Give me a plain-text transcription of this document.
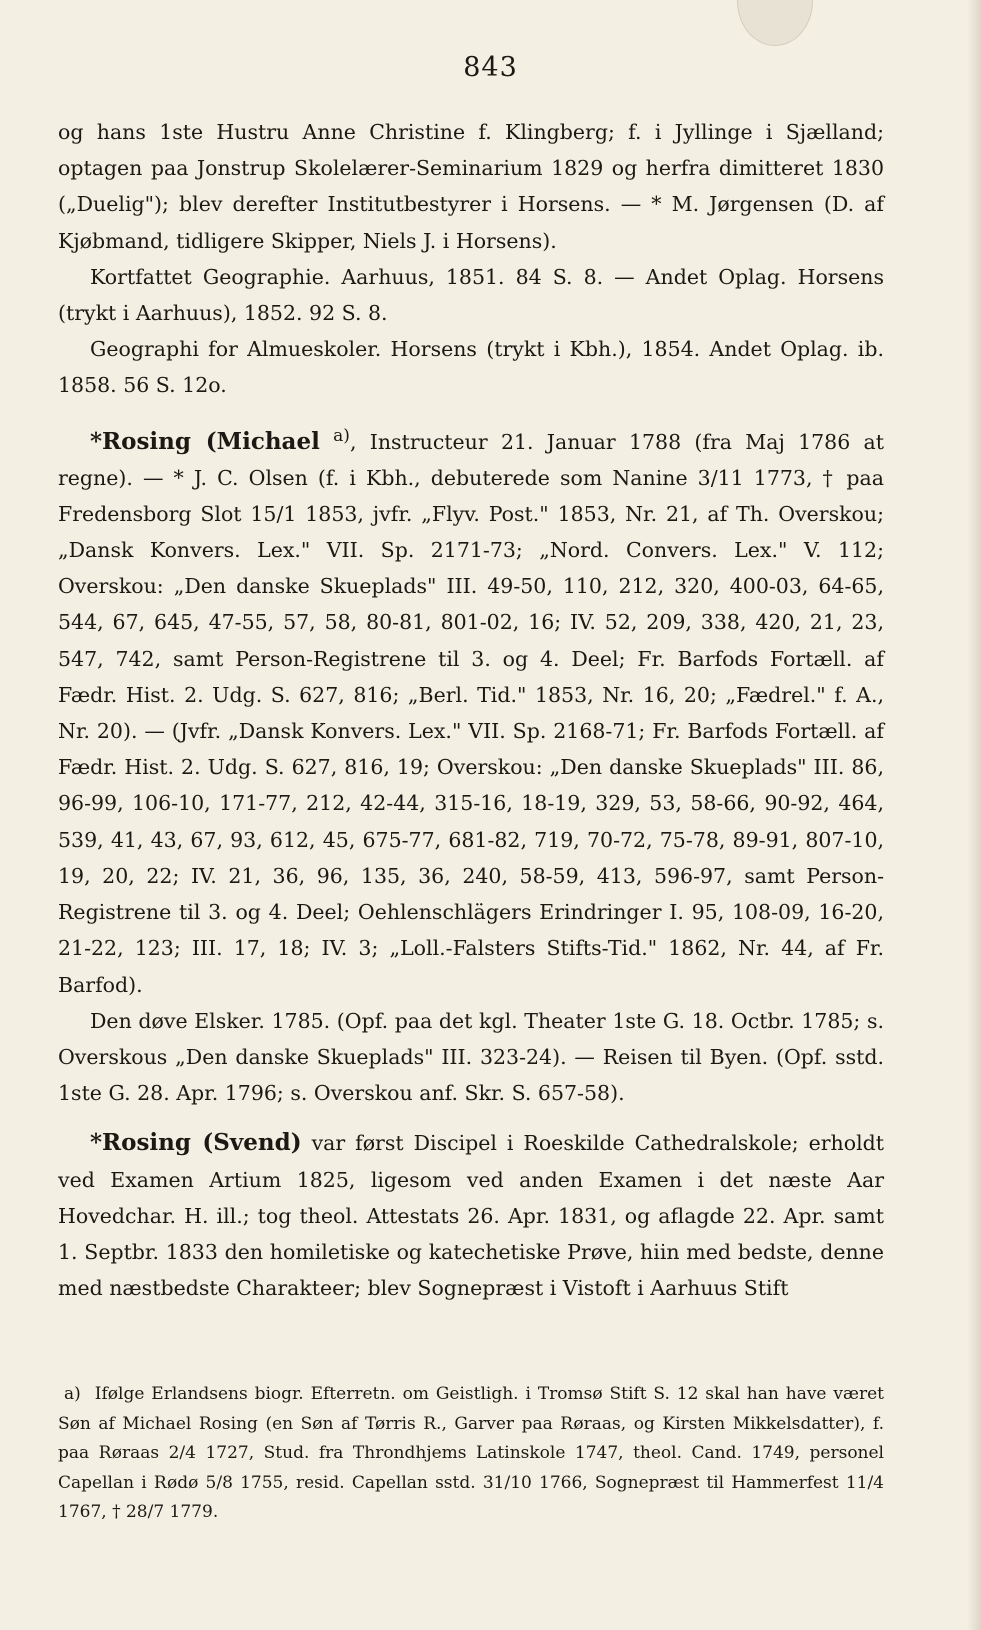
843

og hans 1ste Hustru Anne Christine f. Klingberg; f. i Jyllinge i Sjælland; optagen paa Jonstrup Skolelærer-Seminarium 1829 og herfra dimitteret 1830 („Duelig"); blev derefter Institutbestyrer i Horsens. — * M. Jørgensen (D. af Kjøbmand, tidligere Skipper, Niels J. i Horsens).

Kortfattet Geographie. Aarhuus, 1851. 84 S. 8. — Andet Oplag. Horsens (trykt i Aarhuus), 1852. 92 S. 8.

Geographi for Almueskoler. Horsens (trykt i Kbh.), 1854. Andet Oplag. ib. 1858. 56 S. 12o.

*Rosing (Michael $^{a)}$, Instructeur 21. Januar 1788 (fra Maj 1786 at regne). — * J. C. Olsen (f. i Kbh., debuterede som Nanine 3/11 1773, † paa Fredensborg Slot 15/1 1853, jvfr. „Flyv. Post." 1853, Nr. 21, af Th. Overskou; „Dansk Konvers. Lex." VII. Sp. 2171-73; „Nord. Convers. Lex." V. 112; Overskou: „Den danske Skueplads" III. 49-50, 110, 212, 320, 400-03, 64-65, 544, 67, 645, 47-55, 57, 58, 80-81, 801-02, 16; IV. 52, 209, 338, 420, 21, 23, 547, 742, samt Person-Registrene til 3. og 4. Deel; Fr. Barfods Fortæll. af Fædr. Hist. 2. Udg. S. 627, 816; „Berl. Tid." 1853, Nr. 16, 20; „Fædrel." f. A., Nr. 20). — (Jvfr. „Dansk Konvers. Lex." VII. Sp. 2168-71; Fr. Barfods Fortæll. af Fædr. Hist. 2. Udg. S. 627, 816, 19; Overskou: „Den danske Skueplads" III. 86, 96-99, 106-10, 171-77, 212, 42-44, 315-16, 18-19, 329, 53, 58-66, 90-92, 464, 539, 41, 43, 67, 93, 612, 45, 675-77, 681-82, 719, 70-72, 75-78, 89-91, 807-10, 19, 20, 22; IV. 21, 36, 96, 135, 36, 240, 58-59, 413, 596-97, samt Person-Registrene til 3. og 4. Deel; Oehlenschlägers Erindringer I. 95, 108-09, 16-20, 21-22, 123; III. 17, 18; IV. 3; „Loll.-Falsters Stifts-Tid." 1862, Nr. 44, af Fr. Barfod).

Den døve Elsker. 1785. (Opf. paa det kgl. Theater 1ste G. 18. Octbr. 1785; s. Overskous „Den danske Skueplads" III. 323-24). — Reisen til Byen. (Opf. sstd. 1ste G. 28. Apr. 1796; s. Overskou anf. Skr. S. 657-58).

*Rosing (Svend) var først Discipel i Roeskilde Cathedralskole; erholdt ved Examen Artium 1825, ligesom ved anden Examen i det næste Aar Hovedchar. H. ill.; tog theol. Attestats 26. Apr. 1831, og aflagde 22. Apr. samt 1. Septbr. 1833 den homiletiske og katechetiske Prøve, hiin med bedste, denne med næstbedste Charakteer; blev Sognepræst i Vistoft i Aarhuus Stift

a) Ifølge Erlandsens biogr. Efterretn. om Geistligh. i Tromsø Stift S. 12 skal han have været Søn af Michael Rosing (en Søn af Tørris R., Garver paa Røraas, og Kirsten Mikkelsdatter), f. paa Røraas 2/4 1727, Stud. fra Throndhjems Latinskole 1747, theol. Cand. 1749, personel Capellan i Rødø 5/8 1755, resid. Capellan sstd. 31/10 1766, Sognepræst til Hammerfest 11/4 1767, † 28/7 1779.
